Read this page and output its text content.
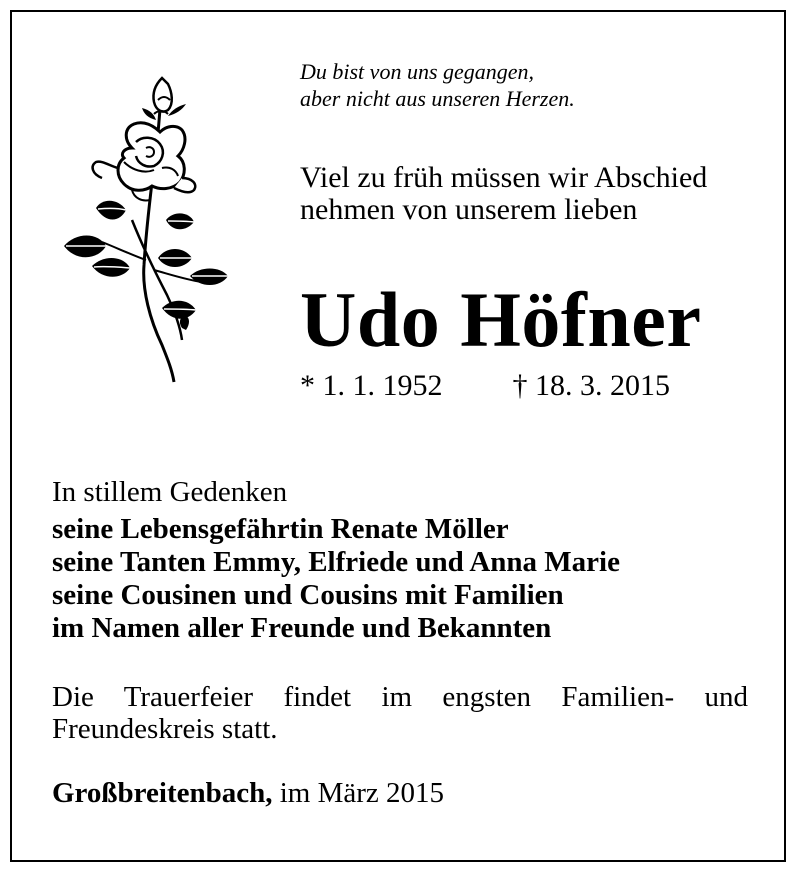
Du bist von uns gegangen,
aber nicht aus unseren Herzen.
Viel zu früh müssen wir Abschied
nehmen von unserem lieben
Udo Höfner
* 1. 1. 1952 † 18. 3. 2015
In stillem Gedenken
seine Lebensgefährtin Renate Möller
seine Tanten Emmy, Elfriede und Anna Marie
seine Cousinen und Cousins mit Familien
im Namen aller Freunde und Bekannten
Die Trauerfeier findet im engsten Familien- und
Freundeskreis statt.
Großbreitenbach, im März 2015
